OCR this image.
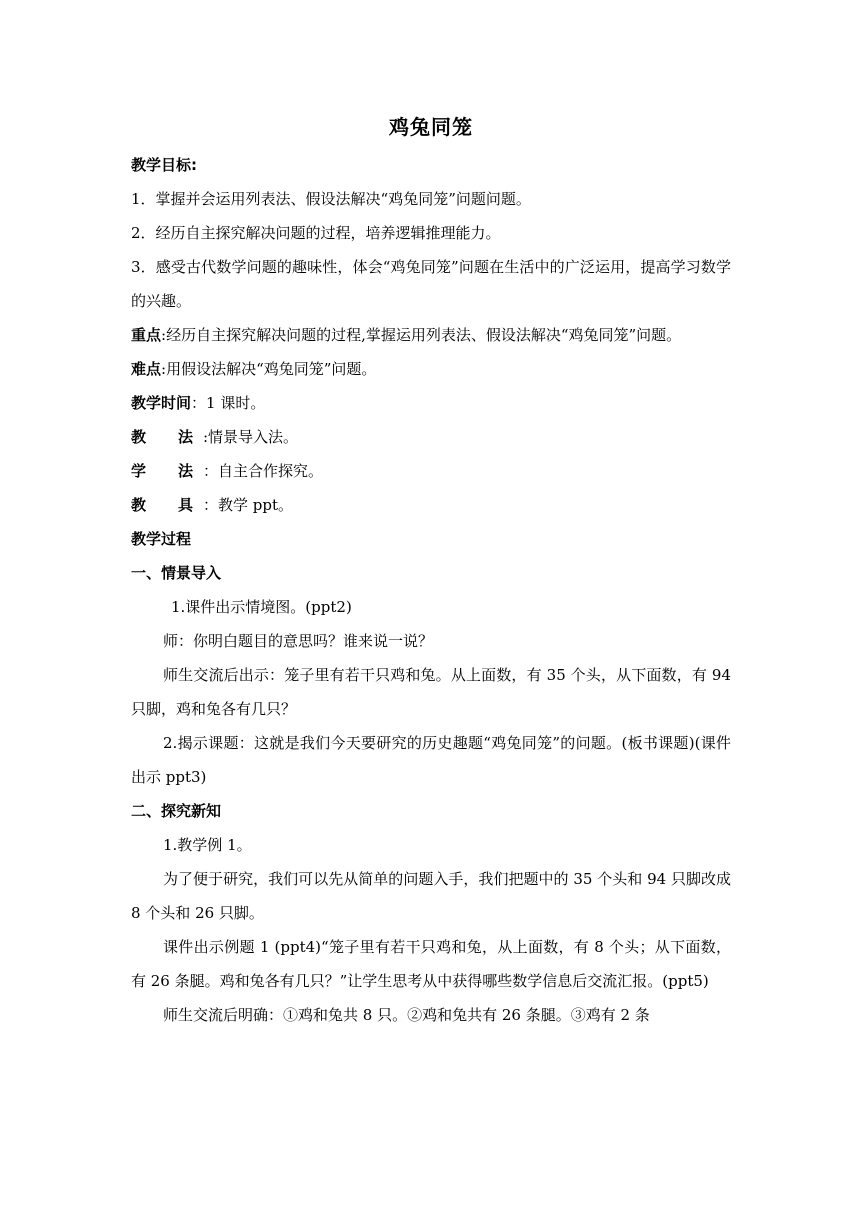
鸡兔同笼

教学目标:

1．掌握并会运用列表法、假设法解决“鸡兔同笼”问题问题。

2．经历自主探究解决问题的过程，培养逻辑推理能力。

3．感受古代数学问题的趣味性，体会“鸡兔同笼”问题在生活中的广泛运用，提高学习数学的兴趣。

重点:经历自主探究解决问题的过程,掌握运用列表法、假设法解决“鸡兔同笼”问题。

难点:用假设法解决“鸡兔同笼”问题。

教学时间：1 课时。

教 法 :情景导入法。

学 法 ：自主合作探究。

教 具 ：教学 ppt。

教学过程

一、情景导入

1.课件出示情境图。(ppt2)

师：你明白题目的意思吗？谁来说一说？

师生交流后出示：笼子里有若干只鸡和兔。从上面数，有 35 个头，从下面数，有 94 只脚，鸡和兔各有几只？

2.揭示课题：这就是我们今天要研究的历史趣题“鸡兔同笼”的问题。(板书课题)(课件出示 ppt3)

二、探究新知

1.教学例 1。

为了便于研究，我们可以先从简单的问题入手，我们把题中的 35 个头和 94 只脚改成 8 个头和 26 只脚。

课件出示例题 1 (ppt4)“笼子里有若干只鸡和兔，从上面数，有 8 个头；从下面数，有 26 条腿。鸡和兔各有几只？”让学生思考从中获得哪些数学信息后交流汇报。(ppt5)

师生交流后明确：①鸡和兔共 8 只。②鸡和兔共有 26 条腿。③鸡有 2 条
